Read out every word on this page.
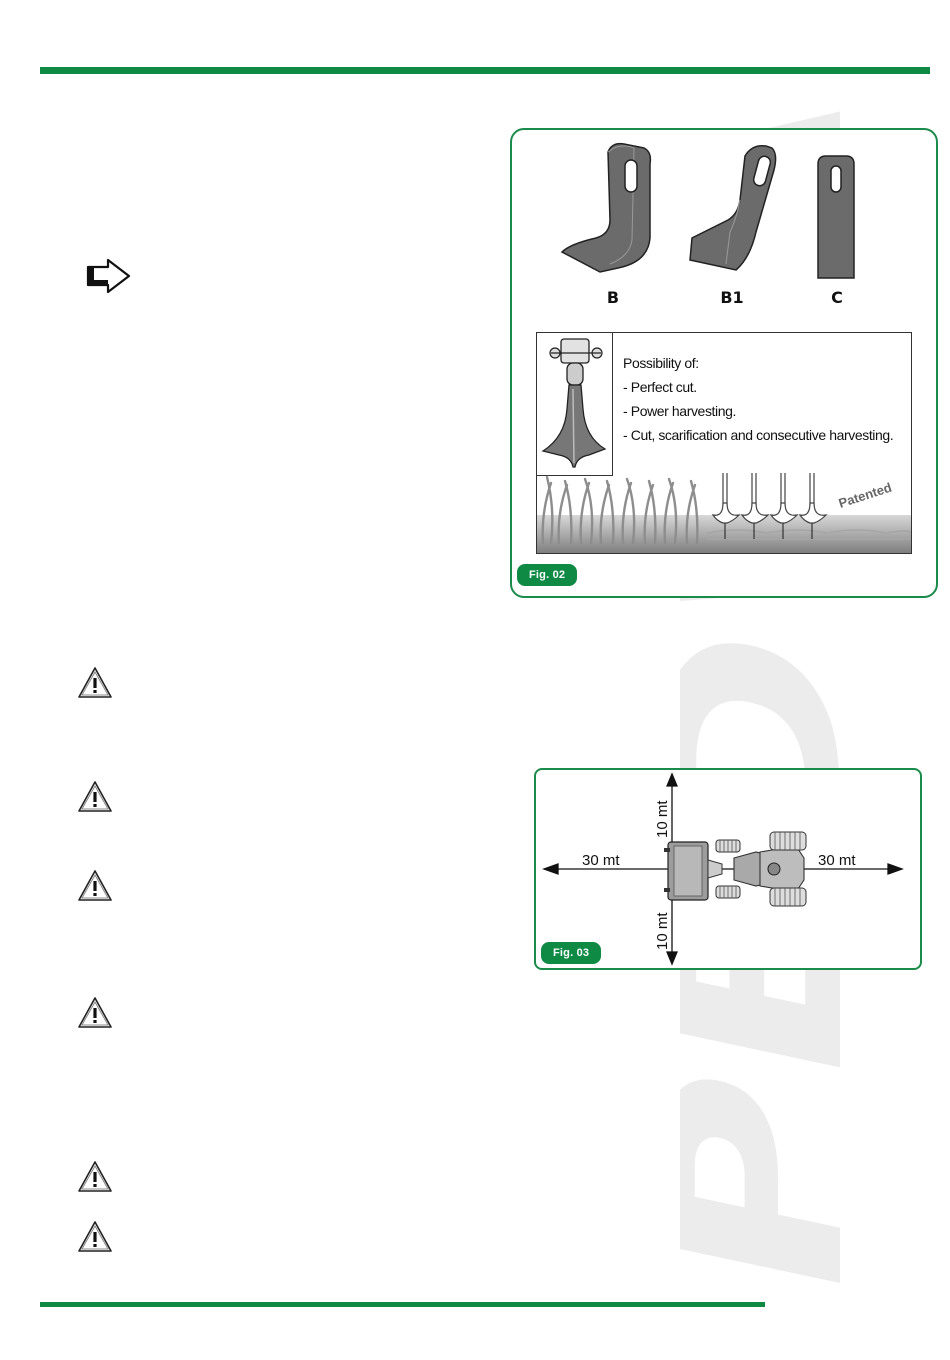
B	B1	C
Possibility of:
- Perfect cut.
- Power harvesting.
- Cut, scarification and consecutive harvesting.
Patented
Fig. 02
30 mt	30 mt
10 mt
10 mt
Fig. 03
